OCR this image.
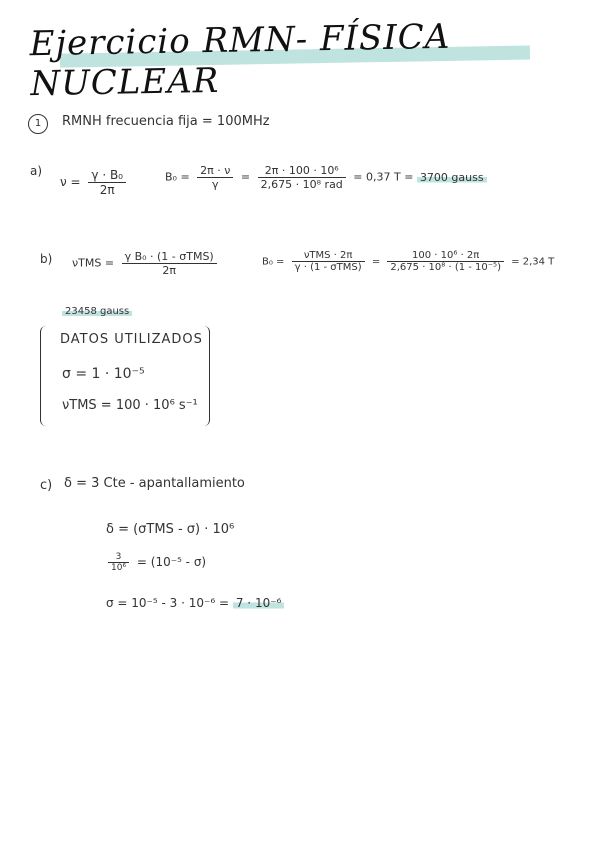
Ejercicio RMN- FÍSICA NUCLEAR
1	RMNH frecuencia fija = 100MHz
a)
$\nu = \frac{\text{γ · B₀}}{2\pi}$	$B_0 = \frac{2\pi \cdot \nu}{\gamma} = \frac{\text{2π · 100 · 10⁶}}{\text{2,675 · 10⁸ rad}} = 0,37$ T = 3700 gauss
b) $\nu TMS = \frac{\text{γ B₀ · (1 - σTMS)}}{2\pi}$	$B_0 = \frac{\text{νTMS · 2π}}{\text{γ · (1 - σTMS)}} = \frac{\text{100 · 10⁶ · 2π}}{\text{2,675 · 10⁸ · (1 - 10⁻⁵)}} = 2,34$ T
23458 gauss
DATOS UTILIZADOS
σ = 1 · 10⁻⁵
νTMS = 100 · 10⁶ s⁻¹
c) δ = 3 Cte - apantallamiento
δ = (σTMS - σ) · 10⁶
$\frac{3}{\text{10⁶}} = (10^{-5} - \sigma)$
σ = 10⁻⁵ - 3 · 10⁻⁶ = 7 · 10⁻⁶
